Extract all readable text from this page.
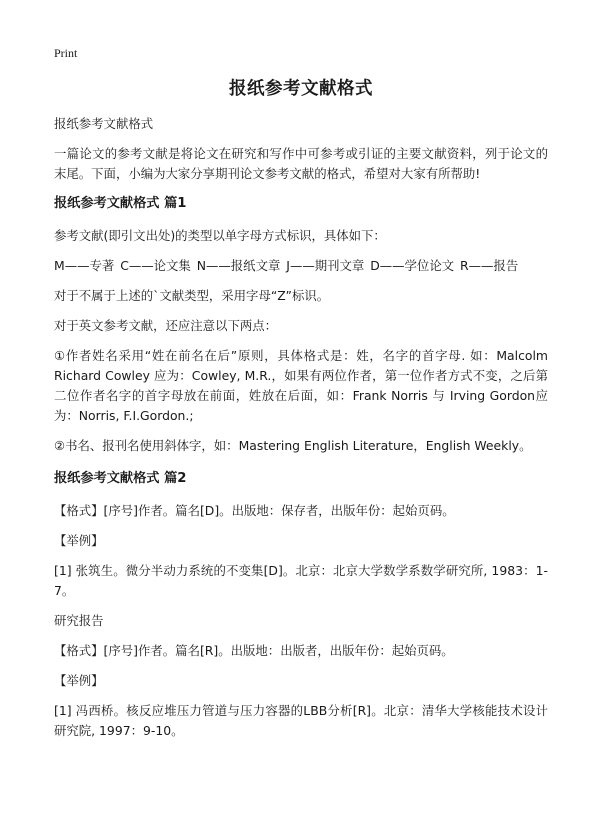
Print
报纸参考文献格式

报纸参考文献格式

一篇论文的参考文献是将论文在研究和写作中可参考或引证的主要文献资料，列于论文的末尾。下面，小编为大家分享期刊论文参考文献的格式，希望对大家有所帮助!

报纸参考文献格式 篇1

参考文献(即引文出处)的类型以单字母方式标识，具体如下：

M——专著 C——论文集 N——报纸文章 J——期刊文章 D——学位论文 R——报告

对于不属于上述的`文献类型，采用字母“Z”标识。

对于英文参考文献，还应注意以下两点：

①作者姓名采用“姓在前名在后”原则，具体格式是：姓，名字的首字母. 如：Malcolm Richard Cowley 应为：Cowley, M.R.，如果有两位作者，第一位作者方式不变，之后第二位作者名字的首字母放在前面，姓放在后面，如：Frank Norris 与 Irving Gordon应为：Norris, F.I.Gordon.;

②书名、报刊名使用斜体字，如：Mastering English Literature，English Weekly。

报纸参考文献格式 篇2

【格式】[序号]作者。篇名[D]。出版地：保存者，出版年份：起始页码。

【举例】

[1] 张筑生。微分半动力系统的不变集[D]。北京：北京大学数学系数学研究所, 1983：1-7。

研究报告

【格式】[序号]作者。篇名[R]。出版地：出版者，出版年份：起始页码。

【举例】

[1] 冯西桥。核反应堆压力管道与压力容器的LBB分析[R]。北京：清华大学核能技术设计研究院, 1997：9-10。
